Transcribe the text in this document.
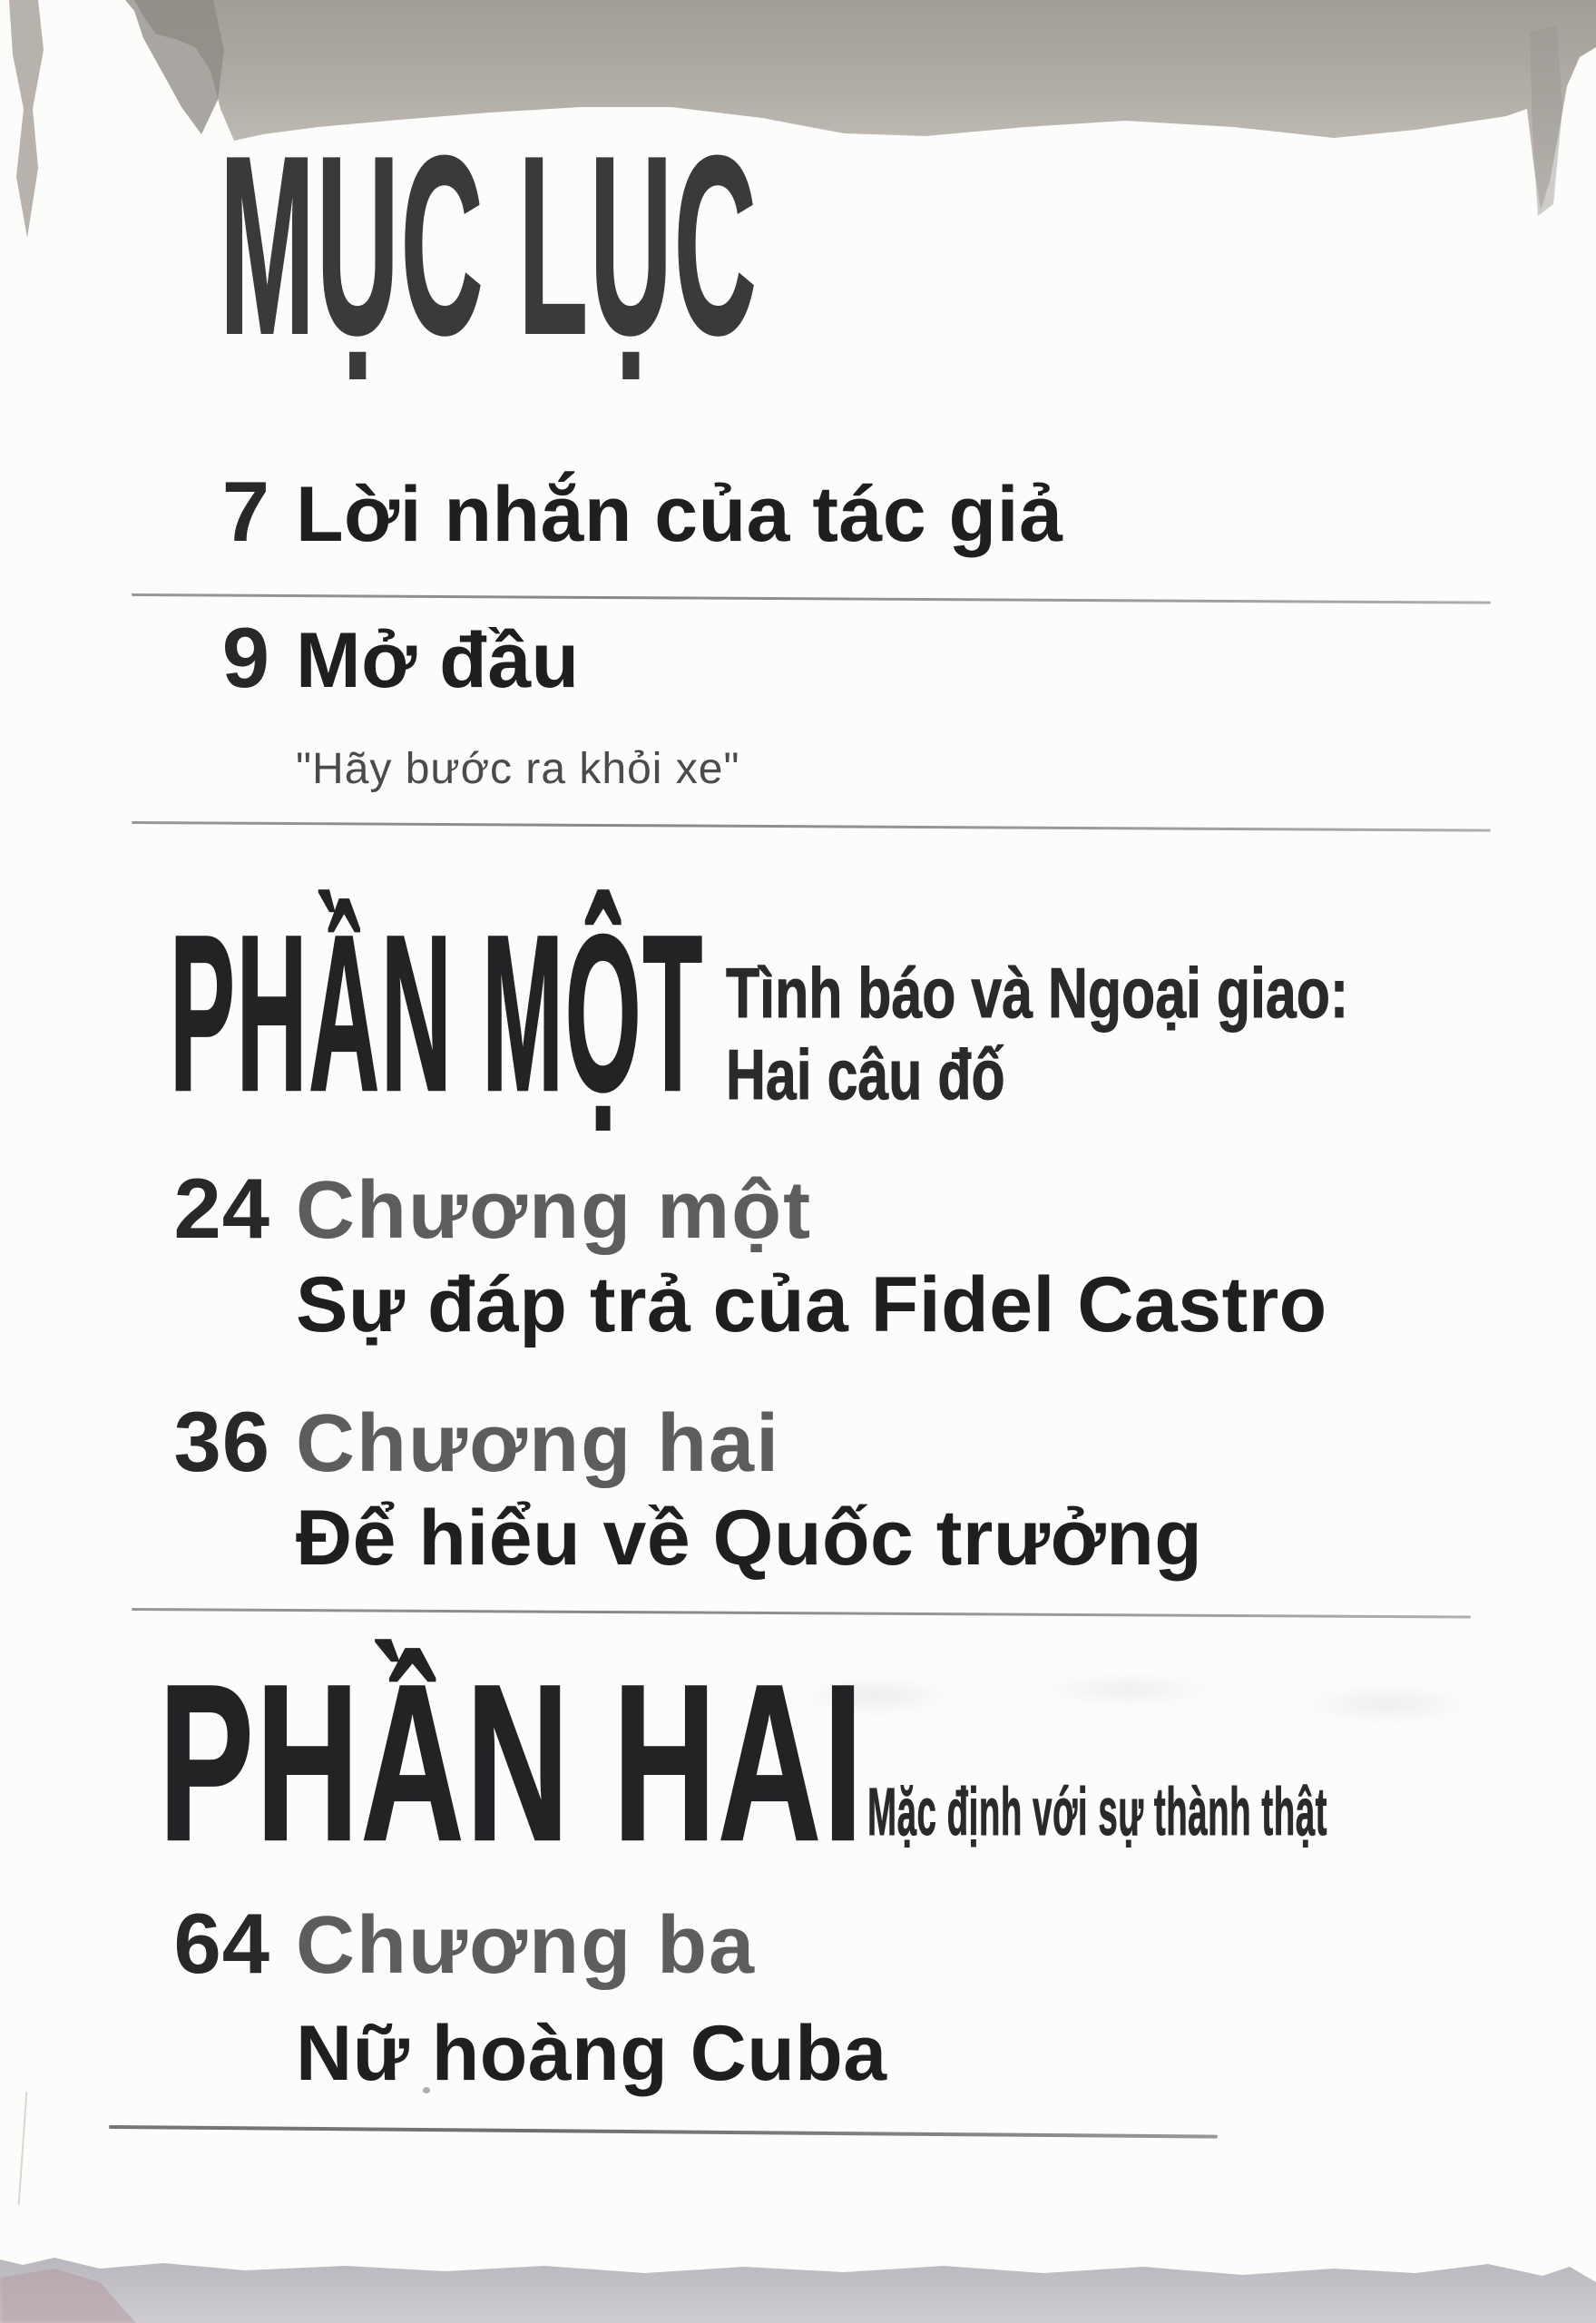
MỤC LỤC
7 Lời nhắn của tác giả
9 Mở đầu
"Hãy bước ra khỏi xe"
PHẦN MỘT Tình báo và Ngoại giao:
Hai câu đố
24 Chương một
Sự đáp trả của Fidel Castro
36 Chương hai
Để hiểu về Quốc trưởng
PHẦN HAI Mặc định với sự thành thật
64 Chương ba
Nữ hoàng Cuba
